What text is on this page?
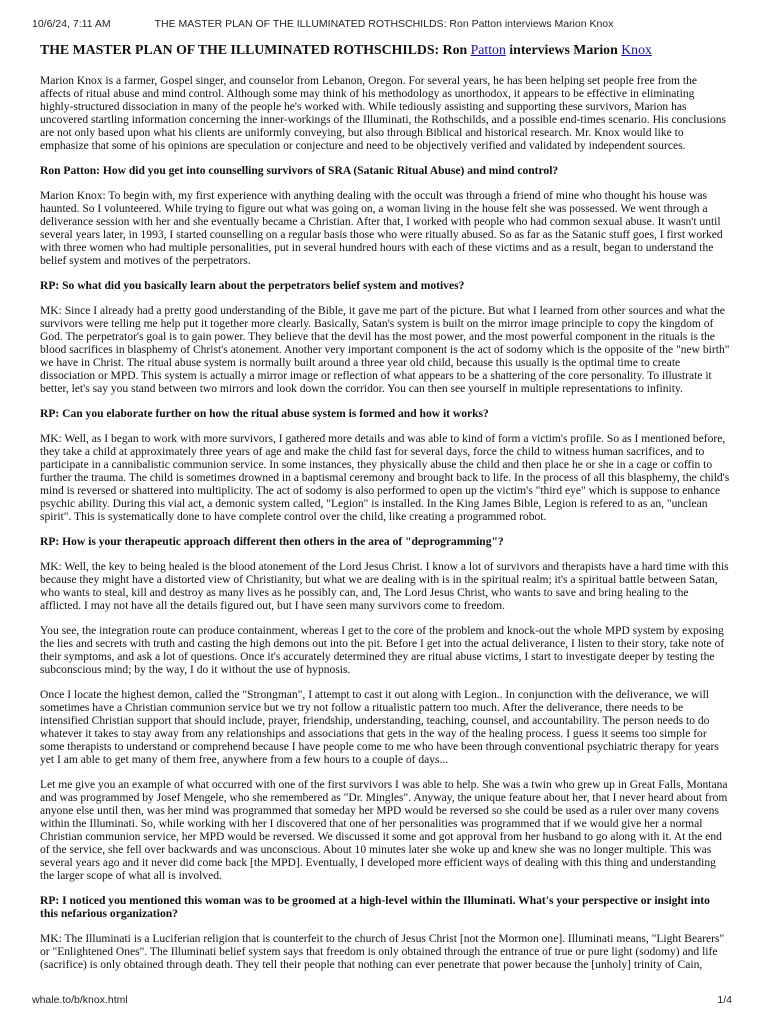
10/6/24, 7:11 AM	THE MASTER PLAN OF THE ILLUMINATED ROTHSCHILDS: Ron Patton interviews Marion Knox
THE MASTER PLAN OF THE ILLUMINATED ROTHSCHILDS: Ron Patton interviews Marion Knox

Marion Knox is a farmer, Gospel singer, and counselor from Lebanon, Oregon. For several years, he has been helping set people free from the affects of ritual abuse and mind control. Although some may think of his methodology as unorthodox, it appears to be effective in eliminating highly-structured dissociation in many of the people he's worked with. While tediously assisting and supporting these survivors, Marion has uncovered startling information concerning the inner-workings of the Illuminati, the Rothschilds, and a possible end-times scenario. His conclusions are not only based upon what his clients are uniformly conveying, but also through Biblical and historical research. Mr. Knox would like to emphasize that some of his opinions are speculation or conjecture and need to be objectively verified and validated by independent sources.

Ron Patton: How did you get into counselling survivors of SRA (Satanic Ritual Abuse) and mind control?

Marion Knox: To begin with, my first experience with anything dealing with the occult was through a friend of mine who thought his house was haunted. So I volunteered. While trying to figure out what was going on, a woman living in the house felt she was possessed. We went through a deliverance session with her and she eventually became a Christian. After that, I worked with people who had common sexual abuse. It wasn't until several years later, in 1993, I started counselling on a regular basis those who were ritually abused. So as far as the Satanic stuff goes, I first worked with three women who had multiple personalities, put in several hundred hours with each of these victims and as a result, began to understand the belief system and motives of the perpetrators.

RP: So what did you basically learn about the perpetrators belief system and motives?

MK: Since I already had a pretty good understanding of the Bible, it gave me part of the picture. But what I learned from other sources and what the survivors were telling me help put it together more clearly. Basically, Satan's system is built on the mirror image principle to copy the kingdom of God. The perpetrator's goal is to gain power. They believe that the devil has the most power, and the most powerful component in the rituals is the blood sacrifices in blasphemy of Christ's atonement. Another very important component is the act of sodomy which is the opposite of the "new birth" we have in Christ. The ritual abuse system is normally built around a three year old child, because this usually is the optimal time to create dissociation or MPD. This system is actually a mirror image or reflection of what appears to be a shattering of the core personality. To illustrate it better, let's say you stand between two mirrors and look down the corridor. You can then see yourself in multiple representations to infinity.

RP: Can you elaborate further on how the ritual abuse system is formed and how it works?

MK: Well, as I began to work with more survivors, I gathered more details and was able to kind of form a victim's profile. So as I mentioned before, they take a child at approximately three years of age and make the child fast for several days, force the child to witness human sacrifices, and to participate in a cannibalistic communion service. In some instances, they physically abuse the child and then place he or she in a cage or coffin to further the trauma. The child is sometimes drowned in a baptismal ceremony and brought back to life. In the process of all this blasphemy, the child's mind is reversed or shattered into multiplicity. The act of sodomy is also performed to open up the victim's "third eye" which is suppose to enhance psychic ability. During this vial act, a demonic system called, "Legion" is installed. In the King James Bible, Legion is refered to as an, "unclean spirit". This is systematically done to have complete control over the child, like creating a programmed robot.

RP: How is your therapeutic approach different then others in the area of "deprogramming"?

MK: Well, the key to being healed is the blood atonement of the Lord Jesus Christ. I know a lot of survivors and therapists have a hard time with this because they might have a distorted view of Christianity, but what we are dealing with is in the spiritual realm; it's a spiritual battle between Satan, who wants to steal, kill and destroy as many lives as he possibly can, and, The Lord Jesus Christ, who wants to save and bring healing to the afflicted. I may not have all the details figured out, but I have seen many survivors come to freedom.

You see, the integration route can produce containment, whereas I get to the core of the problem and knock-out the whole MPD system by exposing the lies and secrets with truth and casting the high demons out into the pit. Before I get into the actual deliverance, I listen to their story, take note of their symptoms, and ask a lot of questions. Once it's accurately determined they are ritual abuse victims, I start to investigate deeper by testing the subconscious mind; by the way, I do it without the use of hypnosis.

Once I locate the highest demon, called the "Strongman", I attempt to cast it out along with Legion.. In conjunction with the deliverance, we will sometimes have a Christian communion service but we try not follow a ritualistic pattern too much. After the deliverance, there needs to be intensified Christian support that should include, prayer, friendship, understanding, teaching, counsel, and accountability. The person needs to do whatever it takes to stay away from any relationships and associations that gets in the way of the healing process. I guess it seems too simple for some therapists to understand or comprehend because I have people come to me who have been through conventional psychiatric therapy for years yet I am able to get many of them free, anywhere from a few hours to a couple of days...

Let me give you an example of what occurred with one of the first survivors I was able to help. She was a twin who grew up in Great Falls, Montana and was programmed by Josef Mengele, who she remembered as "Dr. Mingles". Anyway, the unique feature about her, that I never heard about from anyone else until then, was her mind was programmed that someday her MPD would be reversed so she could be used as a ruler over many covens within the Illuminati. So, while working with her I discovered that one of her personalities was programmed that if we would give her a normal Christian communion service, her MPD would be reversed. We discussed it some and got approval from her husband to go along with it. At the end of the service, she fell over backwards and was unconscious. About 10 minutes later she woke up and knew she was no longer multiple. This was several years ago and it never did come back [the MPD]. Eventually, I developed more efficient ways of dealing with this thing and understanding the larger scope of what all is involved.

RP: I noticed you mentioned this woman was to be groomed at a high-level within the Illuminati. What's your perspective or insight into this nefarious organization?

MK: The Illuminati is a Luciferian religion that is counterfeit to the church of Jesus Christ [not the Mormon one]. Illuminati means, "Light Bearers" or "Enlightened Ones". The Illuminati belief system says that freedom is only obtained through the entrance of true or pure light (sodomy) and life (sacrifice) is only obtained through death. They tell their people that nothing can ever penetrate that power because the [unholy] trinity of Cain,

whale.to/b/knox.html	1/4
